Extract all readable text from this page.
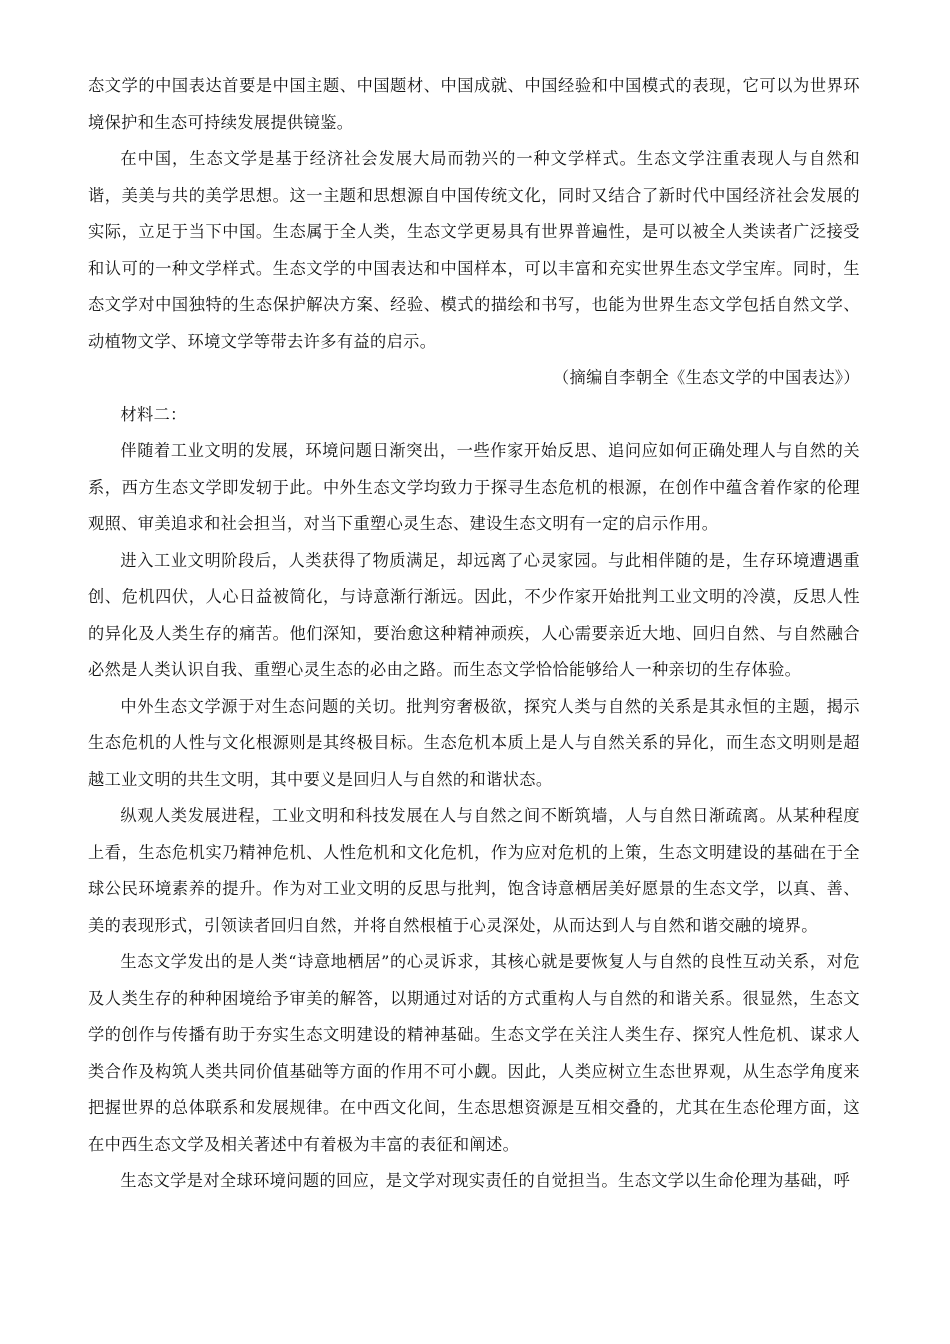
态文学的中国表达首要是中国主题、中国题材、中国成就、中国经验和中国模式的表现，它可以为世界环境保护和生态可持续发展提供镜鉴。

在中国，生态文学是基于经济社会发展大局而勃兴的一种文学样式。生态文学注重表现人与自然和谐，美美与共的美学思想。这一主题和思想源自中国传统文化，同时又结合了新时代中国经济社会发展的实际，立足于当下中国。生态属于全人类，生态文学更易具有世界普遍性，是可以被全人类读者广泛接受和认可的一种文学样式。生态文学的中国表达和中国样本，可以丰富和充实世界生态文学宝库。同时，生态文学对中国独特的生态保护解决方案、经验、模式的描绘和书写，也能为世界生态文学包括自然文学、动植物文学、环境文学等带去许多有益的启示。

（摘编自李朝全《生态文学的中国表达》）

材料二：

伴随着工业文明的发展，环境问题日渐突出，一些作家开始反思、追问应如何正确处理人与自然的关系，西方生态文学即发轫于此。中外生态文学均致力于探寻生态危机的根源，在创作中蕴含着作家的伦理观照、审美追求和社会担当，对当下重塑心灵生态、建设生态文明有一定的启示作用。

进入工业文明阶段后，人类获得了物质满足，却远离了心灵家园。与此相伴随的是，生存环境遭遇重创、危机四伏，人心日益被简化，与诗意渐行渐远。因此，不少作家开始批判工业文明的冷漠，反思人性的异化及人类生存的痛苦。他们深知，要治愈这种精神顽疾，人心需要亲近大地、回归自然、与自然融合必然是人类认识自我、重塑心灵生态的必由之路。而生态文学恰恰能够给人一种亲切的生存体验。

中外生态文学源于对生态问题的关切。批判穷奢极欲，探究人类与自然的关系是其永恒的主题，揭示生态危机的人性与文化根源则是其终极目标。生态危机本质上是人与自然关系的异化，而生态文明则是超越工业文明的共生文明，其中要义是回归人与自然的和谐状态。

纵观人类发展进程，工业文明和科技发展在人与自然之间不断筑墙，人与自然日渐疏离。从某种程度上看，生态危机实乃精神危机、人性危机和文化危机，作为应对危机的上策，生态文明建设的基础在于全球公民环境素养的提升。作为对工业文明的反思与批判，饱含诗意栖居美好愿景的生态文学，以真、善、美的表现形式，引领读者回归自然，并将自然根植于心灵深处，从而达到人与自然和谐交融的境界。

生态文学发出的是人类“诗意地栖居”的心灵诉求，其核心就是要恢复人与自然的良性互动关系，对危及人类生存的种种困境给予审美的解答，以期通过对话的方式重构人与自然的和谐关系。很显然，生态文学的创作与传播有助于夯实生态文明建设的精神基础。生态文学在关注人类生存、探究人性危机、谋求人类合作及构筑人类共同价值基础等方面的作用不可小觑。因此，人类应树立生态世界观，从生态学角度来把握世界的总体联系和发展规律。在中西文化间，生态思想资源是互相交叠的，尤其在生态伦理方面，这在中西生态文学及相关著述中有着极为丰富的表征和阐述。

生态文学是对全球环境问题的回应，是文学对现实责任的自觉担当。生态文学以生命伦理为基础，呼
